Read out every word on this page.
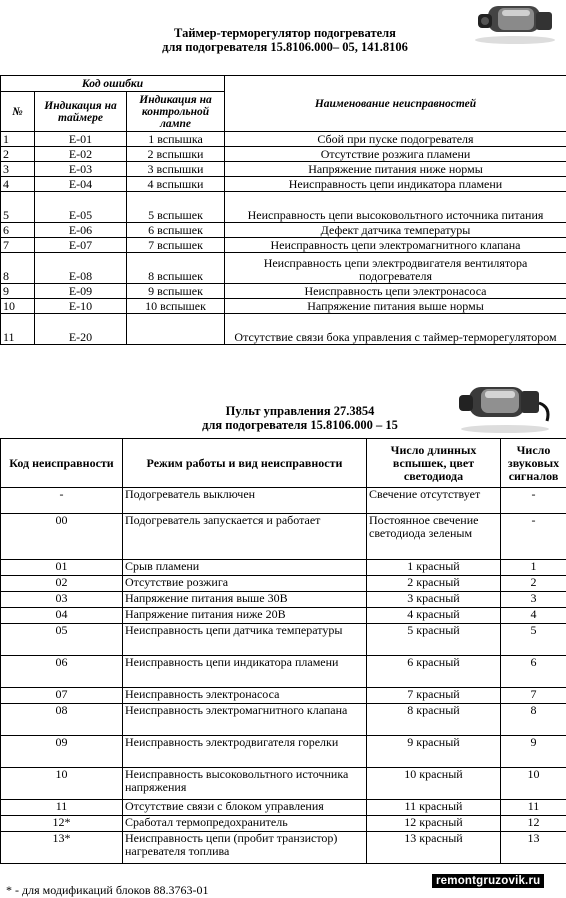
Таймер-терморегулятор подогревателя
для подогревателя 15.8106.000– 05, 141.8106
Код ошибки			Наименование неисправностей
№	Индикация на таймере	Индикация на контрольной лампе	
1	Е-01	1 вспышка	Сбой при пуске подогревателя
2	Е-02	2 вспышки	Отсутствие розжига пламени
3	Е-03	3 вспышки	Напряжение питания ниже нормы
4	Е-04	4 вспышки	Неисправность цепи индикатора пламени
5	Е-05	5 вспышек	Неисправность цепи высоковольтного источника питания
6	Е-06	6 вспышек	Дефект датчика температуры
7	Е-07	7 вспышек	Неисправность цепи электромагнитного клапана
8	Е-08	8 вспышек	Неисправность цепи электродвигателя вентилятора подогревателя
9	Е-09	9 вспышек	Неисправность цепи электронасоса
10	Е-10	10 вспышек	Напряжение питания выше нормы
11	Е-20		Отсутствие связи бока управления с таймер-терморегулятором
Пульт управления 27.3854
для подогревателя 15.8106.000 – 15
Код неисправности	Режим работы и вид неисправности	Число длинных вспышек, цвет светодиода	Число звуковых сигналов
-	Подогреватель выключен	Свечение отсутствует	-
00	Подогреватель запускается и работает	Постоянное свечение светодиода зеленым	-
01	Срыв пламени	1 красный	1
02	Отсутствие розжига	2 красный	2
03	Напряжение питания выше 30В	3 красный	3
04	Напряжение питания ниже 20В	4 красный	4
05	Неисправность цепи датчика температуры	5 красный	5
06	Неисправность цепи индикатора пламени	6 красный	6
07	Неисправность электронасоса	7 красный	7
08	Неисправность электромагнитного клапана	8 красный	8
09	Неисправность электродвигателя горелки	9 красный	9
10	Неисправность высоковольтного источника напряжения	10 красный	10
11	Отсутствие связи с блоком управления	11 красный	11
12*	Сработал термопредохранитель	12 красный	12
13*	Неисправность цепи (пробит транзистор) нагревателя топлива	13 красный	13
* - для модификаций блоков 88.3763-01
remontgruzovik.ru
